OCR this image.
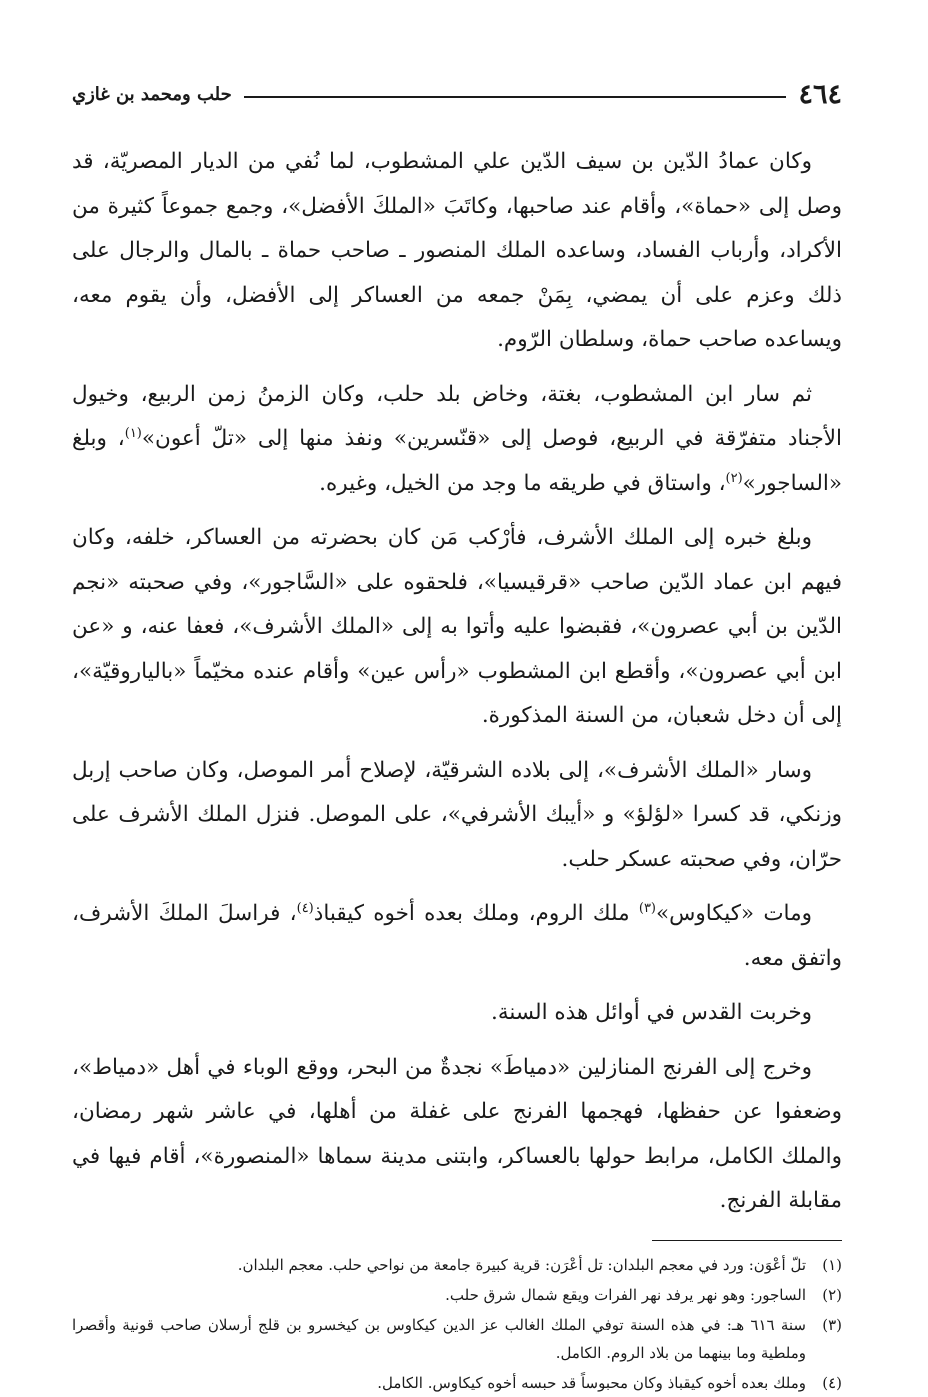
٤٦٤
حلب ومحمد بن غازي

وكان عمادُ الدّين بن سيف الدّين علي المشطوب، لما نُفي من الديار المصريّة، قد وصل إلى «حماة»، وأقام عند صاحبها، وكاتَبَ «الملكَ الأفضل»، وجمع جموعاً كثيرة من الأكراد، وأرباب الفساد، وساعده الملك المنصور ـ صاحب حماة ـ بالمال والرجال على ذلك وعزم على أن يمضي، بِمَنْ جمعه من العساكر إلى الأفضل، وأن يقوم معه، ويساعده صاحب حماة، وسلطان الرّوم.

ثم سار ابن المشطوب، بغتة، وخاض بلد حلب، وكان الزمنُ زمن الربيع، وخيول الأجناد متفرّقة في الربيع، فوصل إلى «قنّسرين» ونفذ منها إلى «تلّ أعون»$^{(١)}$، وبلغ «الساجور»$^{(٢)}$، واستاق في طريقه ما وجد من الخيل، وغيره.

وبلغ خبره إلى الملك الأشرف، فأرْكب مَن كان بحضرته من العساكر، خلفه، وكان فيهم ابن عماد الدّين صاحب «قرقيسيا»، فلحقوه على «السَّاجور»، وفي صحبته «نجم الدّين بن أبي عصرون»، فقبضوا عليه وأتوا به إلى «الملك الأشرف»، فعفا عنه، و «عن ابن أبي عصرون»، وأقطع ابن المشطوب «رأس عين» وأقام عنده مخيّماً «بالياروقيّة»، إلى أن دخل شعبان، من السنة المذكورة.

وسار «الملك الأشرف»، إلى بلاده الشرقيّة، لإصلاح أمر الموصل، وكان صاحب إربل وزنكي، قد كسرا «لؤلؤ» و «أيبك الأشرفي»، على الموصل. فنزل الملك الأشرف على حرّان، وفي صحبته عسكر حلب.

ومات «كيكاوس»$^{(٣)}$ ملك الروم، وملك بعده أخوه كيقباذ$^{(٤)}$، فراسلَ الملكَ الأشرف، واتفق معه.

وخربت القدس في أوائل هذه السنة.

وخرج إلى الفرنج المنازلين «دمياطَ» نجدةٌ من البحر، ووقع الوباء في أهل «دمياط»، وضعفوا عن حفظها، فهجمها الفرنج على غفلة من أهلها، في عاشر شهر رمضان، والملك الكامل، مرابط حولها بالعساكر، وابتنى مدينة سماها «المنصورة»، أقام فيها في مقابلة الفرنج.

(١)
تلّ أعْوَن: ورد في معجم البلدان: تل أعْرَن: قرية كبيرة جامعة من نواحي حلب. معجم البلدان.
(٢)
الساجور: وهو نهر يرفد نهر الفرات ويقع شمال شرق حلب.
(٣)
سنة ٦١٦ هـ: في هذه السنة توفي الملك الغالب عز الدين كيكاوس بن كيخسرو بن قلج أرسلان صاحب قونية وأقصرا وملطية وما بينهما من بلاد الروم. الكامل.
(٤)
وملك بعده أخوه كيقباذ وكان محبوساً قد حبسه أخوه كيكاوس. الكامل.
